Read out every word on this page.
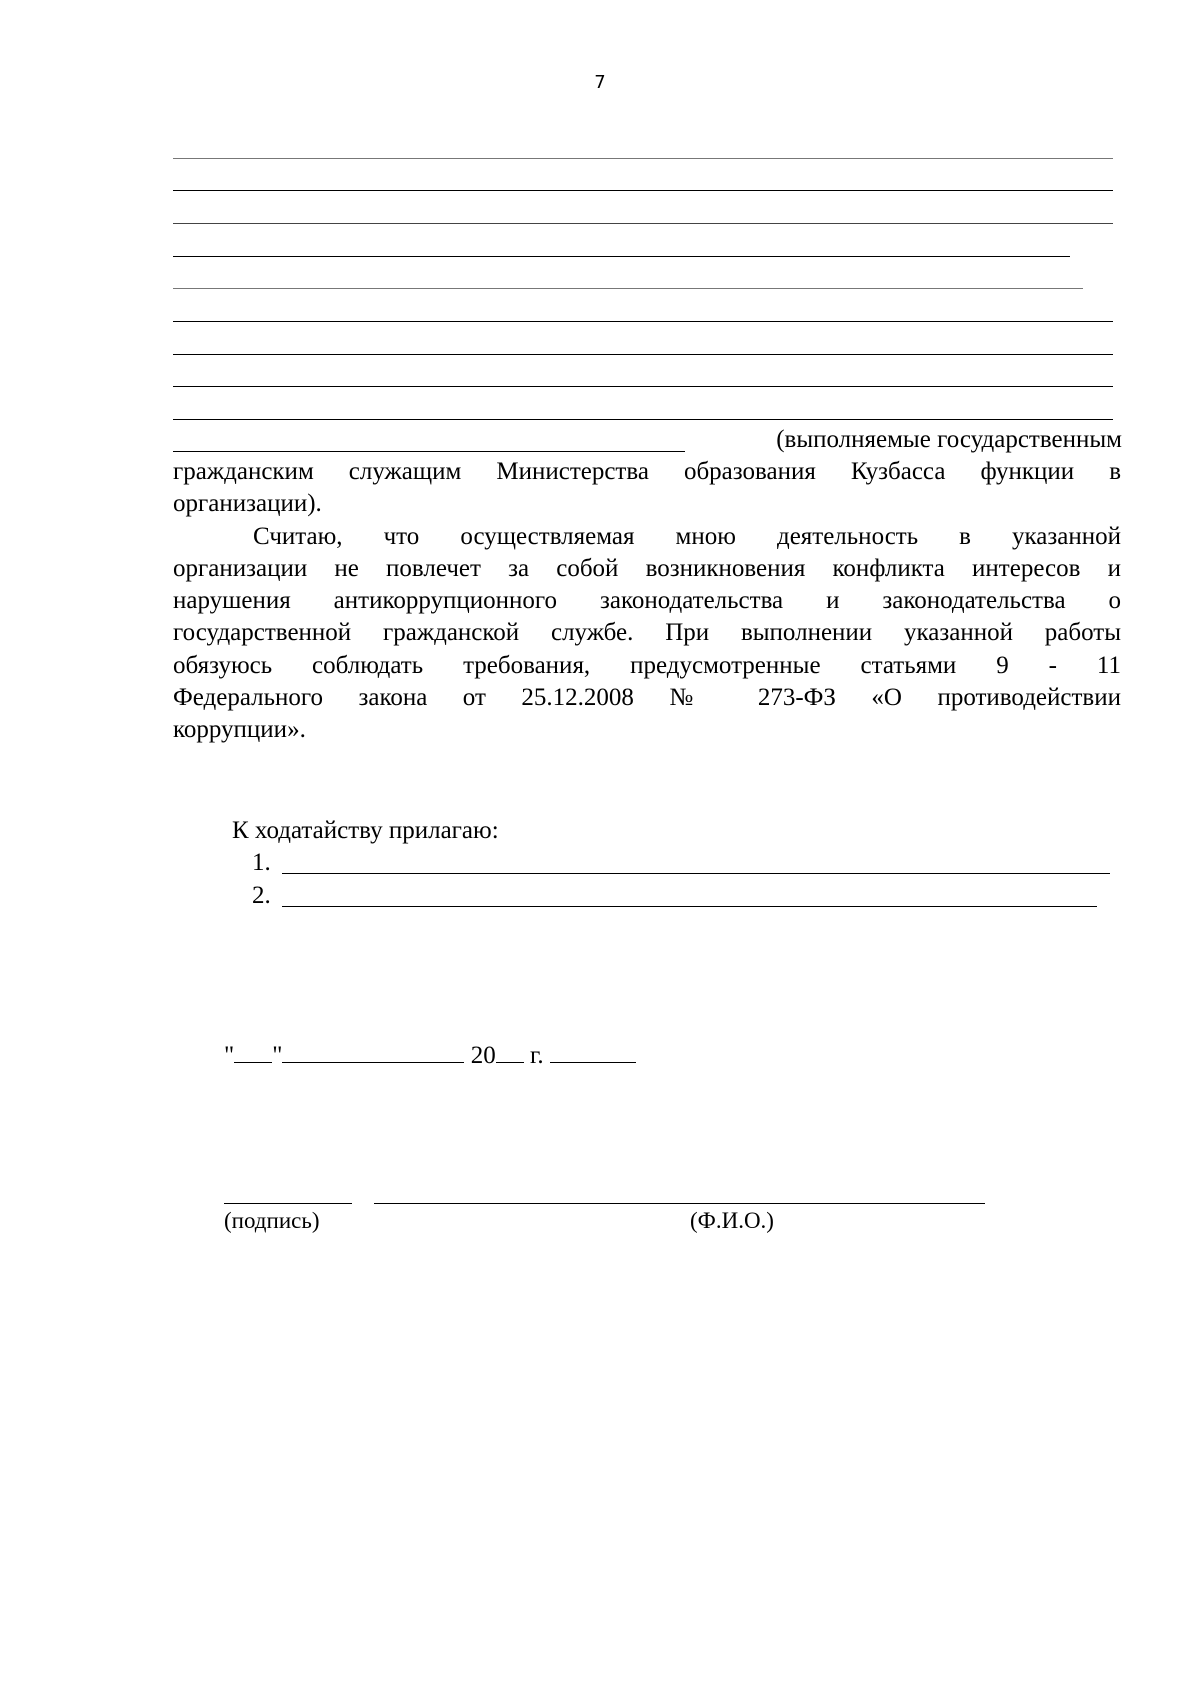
7
(выполняемые государственным
гражданским служащим Министерства образования Кузбасса функции в
организации).
Считаю, что осуществляемая мною деятельность в указанной
организации не повлечет за собой возникновения конфликта интересов и
нарушения антикоррупционного законодательства и законодательства о
государственной гражданской службе. При выполнении указанной работы
обязуюсь соблюдать требования, предусмотренные статьями 9 - 11
Федерального закона от 25.12.2008 № 273-ФЗ «О противодействии
коррупции».
К ходатайству прилагаю:
1.
2.
" "	20 г.
(подпись)	(Ф.И.О.)
